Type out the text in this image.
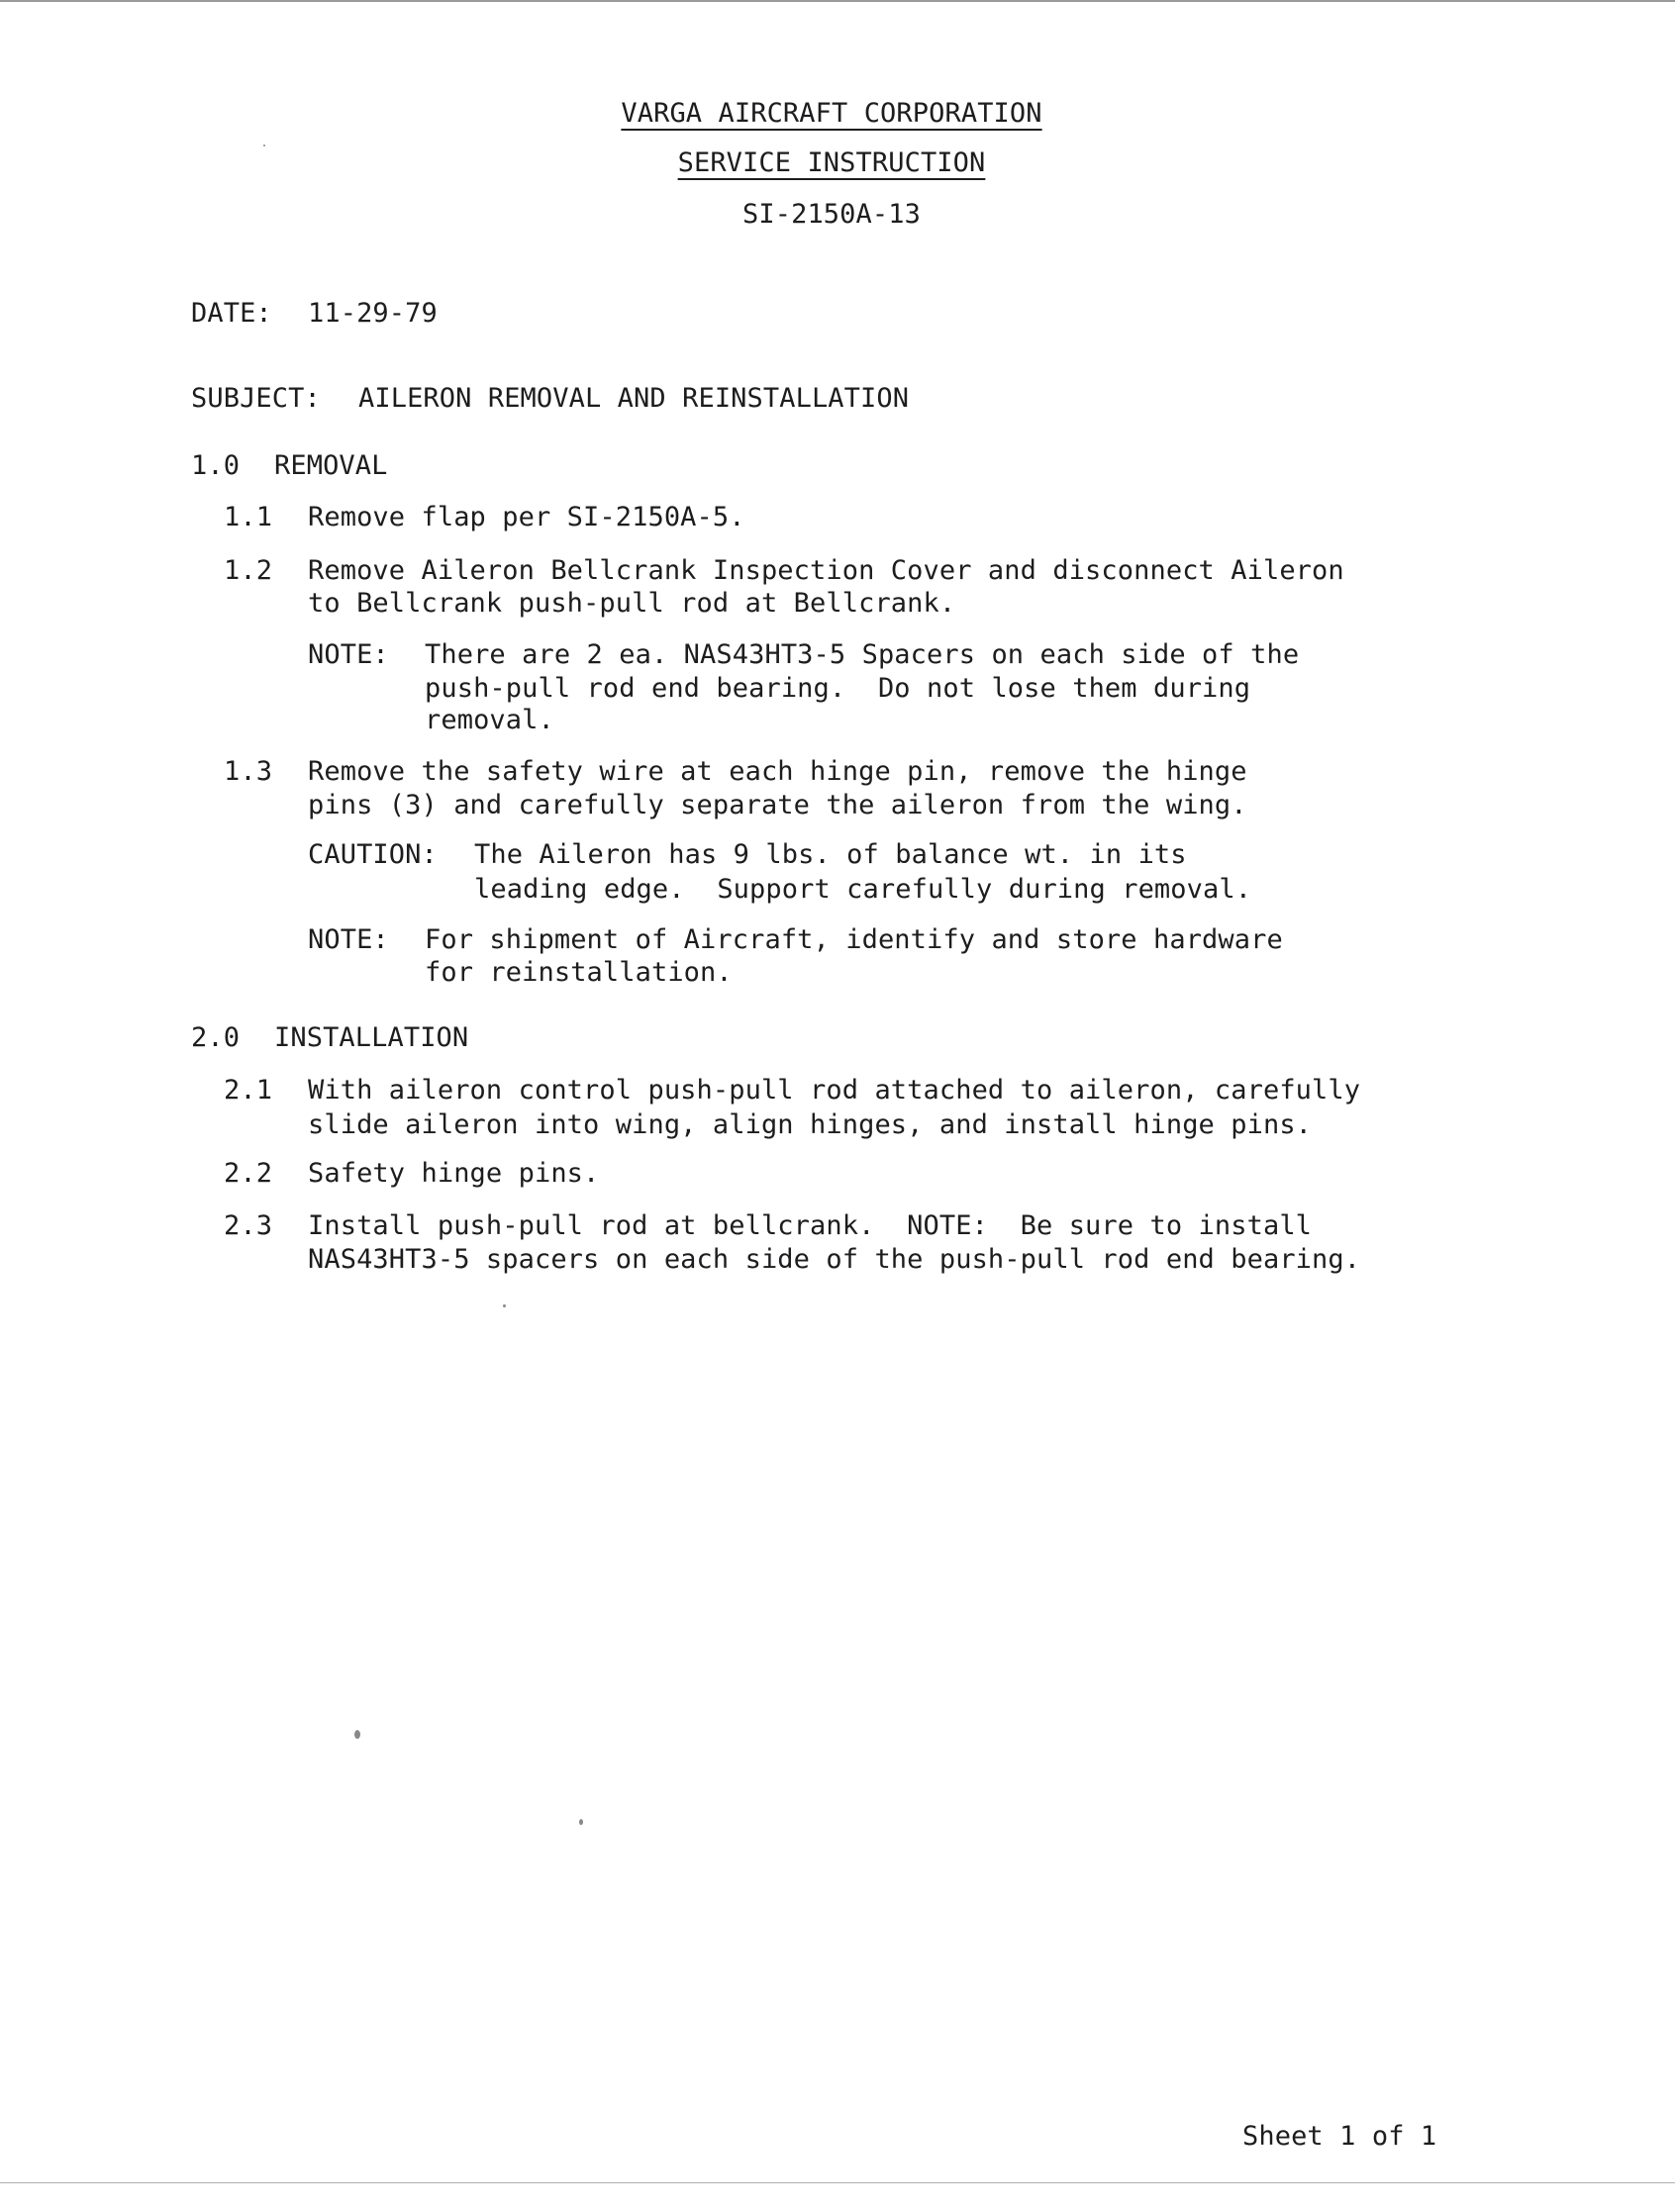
VARGA AIRCRAFT CORPORATION

SERVICE INSTRUCTION

SI-2150A-13

DATE: 11-29-79

SUBJECT: AILERON REMOVAL AND REINSTALLATION

1.0 REMOVAL

1.1 Remove flap per SI-2150A-5.

1.2 Remove Aileron Bellcrank Inspection Cover and disconnect Aileron

to Bellcrank push-pull rod at Bellcrank.

NOTE: There are 2 ea. NAS43HT3-5 Spacers on each side of the

push-pull rod end bearing.  Do not lose them during

removal.

1.3 Remove the safety wire at each hinge pin, remove the hinge

pins (3) and carefully separate the aileron from the wing.

CAUTION: The Aileron has 9 lbs. of balance wt. in its

leading edge.  Support carefully during removal.

NOTE: For shipment of Aircraft, identify and store hardware

for reinstallation.

2.0 INSTALLATION

2.1 With aileron control push-pull rod attached to aileron, carefully

slide aileron into wing, align hinges, and install hinge pins.

2.2 Safety hinge pins.

2.3 Install push-pull rod at bellcrank.  NOTE:  Be sure to install

NAS43HT3-5 spacers on each side of the push-pull rod end bearing.

Sheet 1 of 1
